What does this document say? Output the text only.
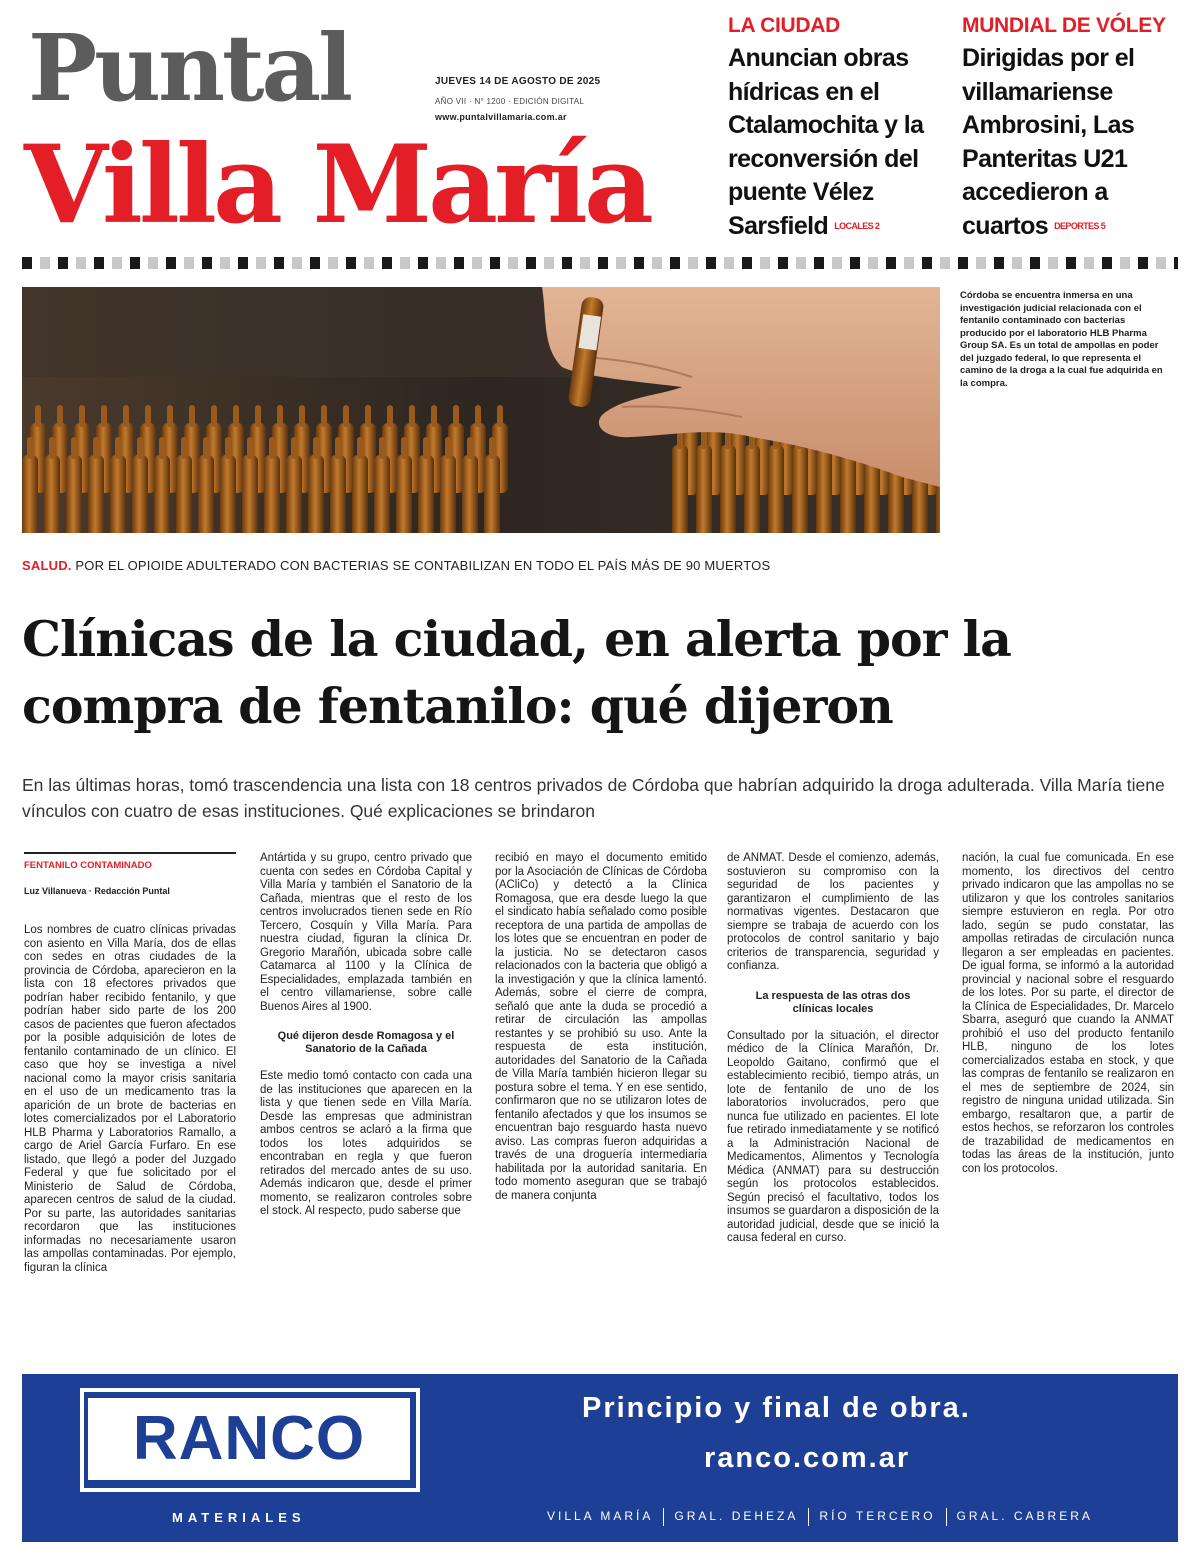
Puntal
Villa María
JUEVES 14 DE AGOSTO DE 2025
AÑO VII · N° 1200 · EDICIÓN DIGITAL
www.puntalvillamaria.com.ar
LA CIUDAD
Anuncian obras hídricas en el Ctalamochita y la reconversión del puente Vélez Sarsfield LOCALES 2
MUNDIAL DE VÓLEY
Dirigidas por el villamariense Ambrosini, Las Panteritas U21 accedieron a cuartos DEPORTES 5
Córdoba se encuentra inmersa en una investigación judicial relacionada con el fentanilo contaminado con bacterias producido por el laboratorio HLB Pharma Group SA. Es un total de ampollas en poder del juzgado federal, lo que representa el camino de la droga a la cual fue adquirida en la compra.
SALUD. POR EL OPIOIDE ADULTERADO CON BACTERIAS SE CONTABILIZAN EN TODO EL PAÍS MÁS DE 90 MUERTOS
Clínicas de la ciudad, en alerta por la compra de fentanilo: qué dijeron
En las últimas horas, tomó trascendencia una lista con 18 centros privados de Córdoba que habrían adquirido la droga adulterada. Villa María tiene vínculos con cuatro de esas instituciones. Qué explicaciones se brindaron
FENTANILO CONTAMINADO
Luz Villanueva · Redacción Puntal

Los nombres de cuatro clínicas privadas con asiento en Villa María, dos de ellas con sedes en otras ciudades de la provincia de Córdoba, aparecieron en la lista con 18 efectores privados que podrían haber recibido fentanilo, y que podrían haber sido parte de los 200 casos de pacientes que fueron afectados por la posible adquisición de lotes de fentanilo contaminado de un clínico. El caso que hoy se investiga a nivel nacional como la mayor crisis sanitaria en el uso de un medicamento tras la aparición de un brote de bacterias en lotes comercializados por el Laboratorio HLB Pharma y Laboratorios Ramallo, a cargo de Ariel García Furfaro. En ese listado, que llegó a poder del Juzgado Federal y que fue solicitado por el Ministerio de Salud de Córdoba, aparecen centros de salud de la ciudad. Por su parte, las autoridades sanitarias recordaron que las instituciones informadas no necesariamente usaron las ampollas contaminadas. Por ejemplo, figuran la clínica

Antártida y su grupo, centro privado que cuenta con sedes en Córdoba Capital y Villa María y también el Sanatorio de la Cañada, mientras que el resto de los centros involucrados tienen sede en Río Tercero, Cosquín y Villa María. Para nuestra ciudad, figuran la clínica Dr. Gregorio Marañón, ubicada sobre calle Catamarca al 1100 y la Clínica de Especialidades, emplazada también en el centro villamariense, sobre calle Buenos Aires al 1900.

Qué dijeron desde Romagosa y el Sanatorio de la Cañada

Este medio tomó contacto con cada una de las instituciones que aparecen en la lista y que tienen sede en Villa María. Desde las empresas que administran ambos centros se aclaró a la firma que todos los lotes adquiridos se encontraban en regla y que fueron retirados del mercado antes de su uso. Además indicaron que, desde el primer momento, se realizaron controles sobre el stock. Al respecto, pudo saberse que

recibió en mayo el documento emitido por la Asociación de Clínicas de Córdoba (ACliCo) y detectó a la Clínica Romagosa, que era desde luego la que el sindicato había señalado como posible receptora de una partida de ampollas de los lotes que se encuentran en poder de la justicia. No se detectaron casos relacionados con la bacteria que obligó a la investigación y que la clínica lamentó. Además, sobre el cierre de compra, señaló que ante la duda se procedió a retirar de circulación las ampollas restantes y se prohibió su uso. Ante la respuesta de esta institución, autoridades del Sanatorio de la Cañada de Villa María también hicieron llegar su postura sobre el tema. Y en ese sentido, confirmaron que no se utilizaron lotes de fentanilo afectados y que los insumos se encuentran bajo resguardo hasta nuevo aviso. Las compras fueron adquiridas a través de una droguería intermediaria habilitada por la autoridad sanitaria. En todo momento aseguran que se trabajó de manera conjunta

de ANMAT. Desde el comienzo, además, sostuvieron su compromiso con la seguridad de los pacientes y garantizaron el cumplimiento de las normativas vigentes. Destacaron que siempre se trabaja de acuerdo con los protocolos de control sanitario y bajo criterios de transparencia, seguridad y confianza.

La respuesta de las otras dos clínicas locales

Consultado por la situación, el director médico de la Clínica Marañón, Dr. Leopoldo Gaitano, confirmó que el establecimiento recibió, tiempo atrás, un lote de fentanilo de uno de los laboratorios involucrados, pero que nunca fue utilizado en pacientes. El lote fue retirado inmediatamente y se notificó a la Administración Nacional de Medicamentos, Alimentos y Tecnología Médica (ANMAT) para su destrucción según los protocolos establecidos. Según precisó el facultativo, todos los insumos se guardaron a disposición de la autoridad judicial, desde que se inició la causa federal en curso.

nación, la cual fue comunicada. En ese momento, los directivos del centro privado indicaron que las ampollas no se utilizaron y que los controles sanitarios siempre estuvieron en regla. Por otro lado, según se pudo constatar, las ampollas retiradas de circulación nunca llegaron a ser empleadas en pacientes. De igual forma, se informó a la autoridad provincial y nacional sobre el resguardo de los lotes. Por su parte, el director de la Clínica de Especialidades, Dr. Marcelo Sbarra, aseguró que cuando la ANMAT prohibió el uso del producto fentanilo HLB, ninguno de los lotes comercializados estaba en stock, y que las compras de fentanilo se realizaron en el mes de septiembre de 2024, sin registro de ninguna unidad utilizada. Sin embargo, resaltaron que, a partir de estos hechos, se reforzaron los controles de trazabilidad de medicamentos en todas las áreas de la institución, junto con los protocolos.

RANCO
MATERIALES
Principio y final de obra.
ranco.com.ar
VILLA MARÍA GRAL. DEHEZA RÍO TERCERO GRAL. CABRERA
